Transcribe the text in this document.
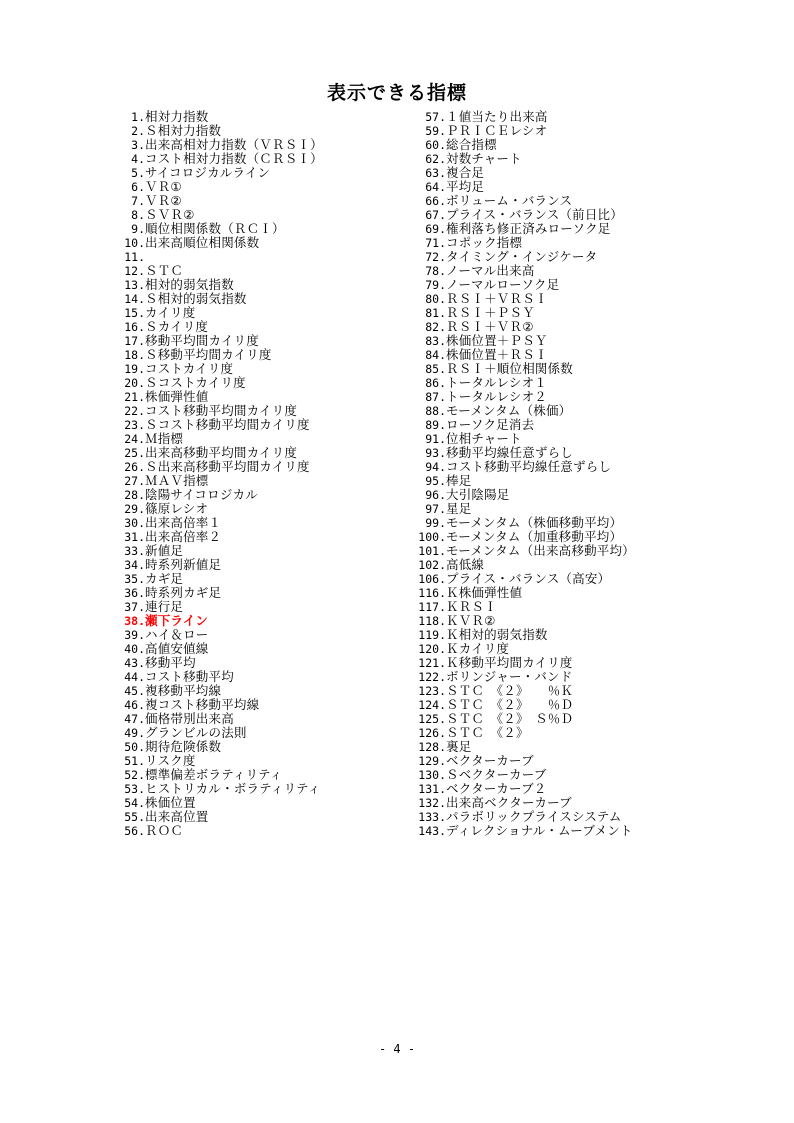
表示できる指標
1.相対力指数
2.Ｓ相対力指数
3.出来高相対力指数（ＶＲＳＩ）
4.コスト相対力指数（ＣＲＳＩ）
5.サイコロジカルライン
6.ＶＲ①
7.ＶＲ②
8.ＳＶＲ②
9.順位相関係数（ＲＣＩ）
10.出来高順位相関係数
11.
12.ＳＴＣ
13.相対的弱気指数
14.Ｓ相対的弱気指数
15.カイリ度
16.Ｓカイリ度
17.移動平均間カイリ度
18.Ｓ移動平均間カイリ度
19.コストカイリ度
20.Ｓコストカイリ度
21.株価弾性値
22.コスト移動平均間カイリ度
23.Ｓコスト移動平均間カイリ度
24.Ｍ指標
25.出来高移動平均間カイリ度
26.Ｓ出来高移動平均間カイリ度
27.ＭＡＶ指標
28.陰陽サイコロジカル
29.篠原レシオ
30.出来高倍率１
31.出来高倍率２
33.新値足
34.時系列新値足
35.カギ足
36.時系列カギ足
37.連行足
38.瀬下ライン
39.ハイ＆ロー
40.高値安値線
43.移動平均
44.コスト移動平均
45.複移動平均線
46.複コスト移動平均線
47.価格帯別出来高
49.グランビルの法則
50.期待危険係数
51.リスク度
52.標準偏差ボラティリティ
53.ヒストリカル・ボラティリティ
54.株価位置
55.出来高位置
56.ＲＯＣ
57.１値当たり出来高
59.ＰＲＩＣＥレシオ
60.総合指標
62.対数チャート
63.複合足
64.平均足
66.ボリューム・バランス
67.プライス・バランス（前日比）
69.権利落ち修正済みローソク足
71.コポック指標
72.タイミング・インジケータ
78.ノーマル出来高
79.ノーマルローソク足
80.ＲＳＩ＋ＶＲＳＩ
81.ＲＳＩ＋ＰＳＹ
82.ＲＳＩ＋ＶＲ②
83.株価位置＋ＰＳＹ
84.株価位置＋ＲＳＩ
85.ＲＳＩ＋順位相関係数
86.トータルレシオ１
87.トータルレシオ２
88.モーメンタム（株価）
89.ローソク足消去
91.位相チャート
93.移動平均線任意ずらし
94.コスト移動平均線任意ずらし
95.棒足
96.大引陰陽足
97.星足
99.モーメンタム（株価移動平均）
100.モーメンタム（加重移動平均）
101.モーメンタム（出来高移動平均）
102.高低線
106.プライス・バランス（高安）
116.Ｋ株価弾性値
117.ＫＲＳＩ
118.ＫＶＲ②
119.Ｋ相対的弱気指数
120.Ｋカイリ度
121.Ｋ移動平均間カイリ度
122.ボリンジャー・バンド
123.ＳＴＣ　《２》　　％Ｋ
124.ＳＴＣ　《２》　　％Ｄ
125.ＳＴＣ　《２》　Ｓ％Ｄ
126.ＳＴＣ　《２》
128.裏足
129.ベクターカーブ
130.Ｓベクターカーブ
131.ベクターカーブ２
132.出来高ベクターカーブ
133.パラボリックプライスシステム
143.ディレクショナル・ムーブメント
- 4 -
